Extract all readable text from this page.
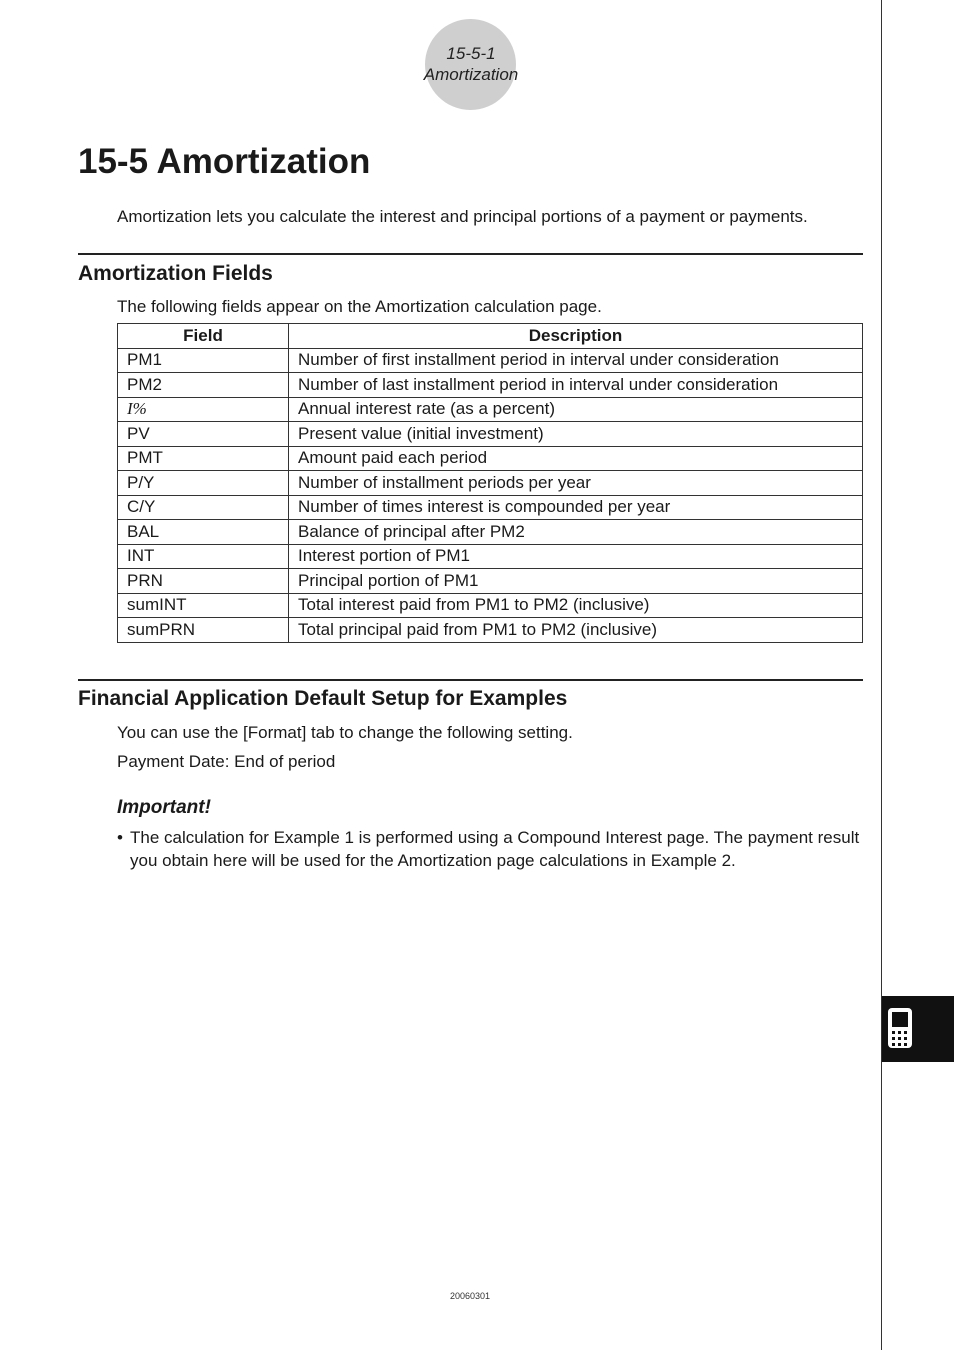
15-5-1
Amortization
15-5 Amortization

Amortization lets you calculate the interest and principal portions of a payment or payments.

Amortization Fields

The following fields appear on the Amortization calculation page.

Field	Description
PM1	Number of first installment period in interval under consideration
PM2	Number of last installment period in interval under consideration
I%	Annual interest rate (as a percent)
PV	Present value (initial investment)
PMT	Amount paid each period
P/Y	Number of installment periods per year
C/Y	Number of times interest is compounded per year
BAL	Balance of principal after PM2
INT	Interest portion of PM1
PRN	Principal portion of PM1
sumINT	Total interest paid from PM1 to PM2 (inclusive)
sumPRN	Total principal paid from PM1 to PM2 (inclusive)
Financial Application Default Setup for Examples

You can use the [Format] tab to change the following setting.

Payment Date: End of period

Important!

• The calculation for Example 1 is performed using a Compound Interest page. The payment result you obtain here will be used for the Amortization page calculations in Example 2.
20060301
